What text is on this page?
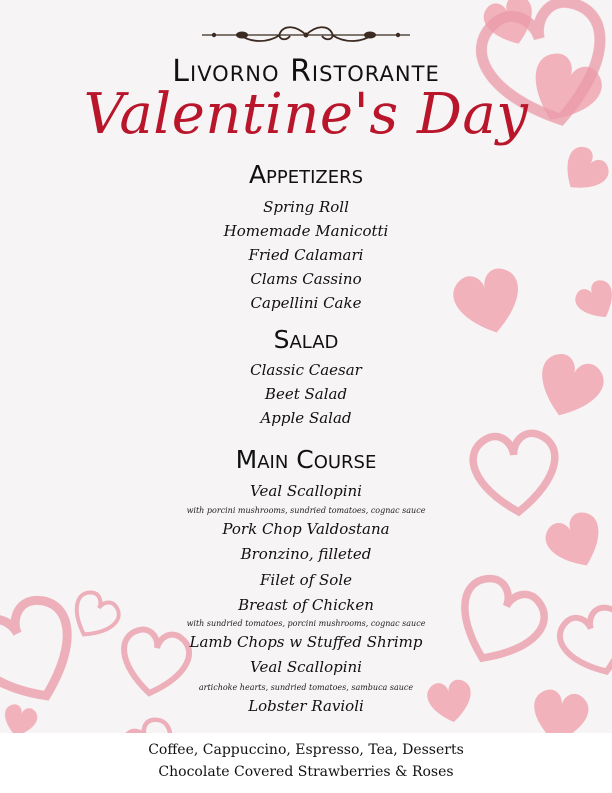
Livorno Ristorante
Valentine's Day
Appetizers
Spring Roll
Homemade Manicotti
Fried Calamari
Clams Cassino
Capellini Cake
Salad
Classic Caesar
Beet Salad
Apple Salad
Main Course
Veal Scallopini
with porcini mushrooms, sundried tomatoes, cognac sauce
Pork Chop Valdostana
Bronzino, filleted
Filet of Sole
Breast of Chicken
with sundried tomatoes, porcini mushrooms, cognac sauce
Lamb Chops w Stuffed Shrimp
Veal Scallopini
artichoke hearts, sundried tomatoes, sambuca sauce
Lobster Ravioli
Coffee, Cappuccino, Espresso, Tea, Desserts
Chocolate Covered Strawberries & Roses
